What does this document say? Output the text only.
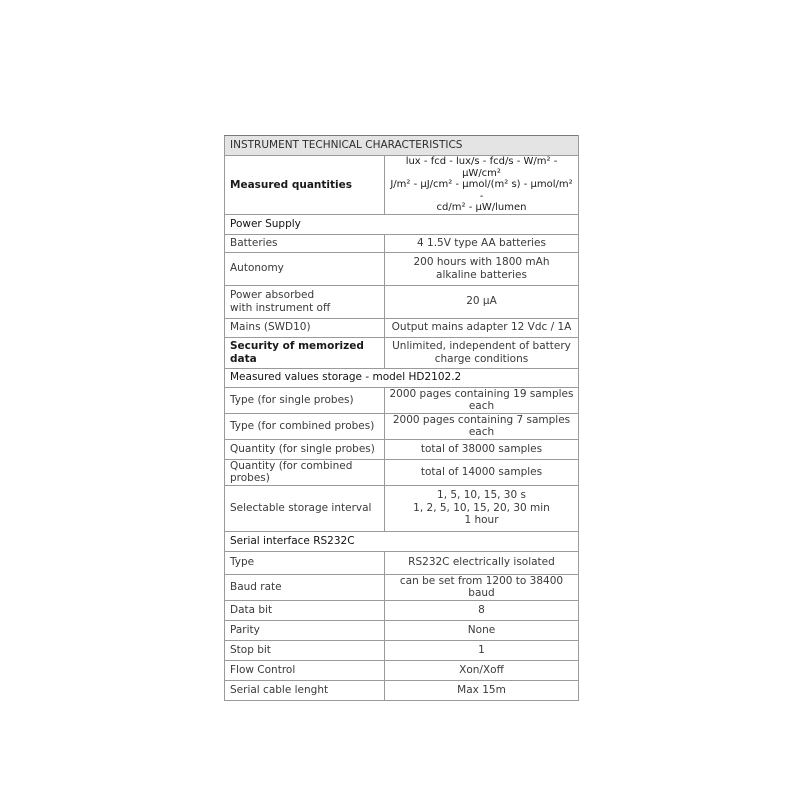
INSTRUMENT TECHNICAL CHARACTERISTICS	
Measured quantities	lux - fcd - lux/s - fcd/s - W/m² - µW/cm²
J/m² - µJ/cm² - µmol/(m² s) - µmol/m² -
cd/m² - µW/lumen
Power Supply	
Batteries	4 1.5V type AA batteries
Autonomy	200 hours with 1800 mAh
alkaline batteries
Power absorbed
with instrument off	20 µA
Mains (SWD10)	Output mains adapter 12 Vdc / 1A
Security of memorized data	Unlimited, independent of battery
charge conditions
Measured values storage - model HD2102.2	
Type (for single probes)	2000 pages containing 19 samples each
Type (for combined probes)	2000 pages containing 7 samples each
Quantity (for single probes)	total of 38000 samples
Quantity (for combined probes)	total of 14000 samples
Selectable storage interval	1, 5, 10, 15, 30 s
1, 2, 5, 10, 15, 20, 30 min
1 hour
Serial interface RS232C	
Type	RS232C electrically isolated
Baud rate	can be set from 1200 to 38400 baud
Data bit	8
Parity	None
Stop bit	1
Flow Control	Xon/Xoff
Serial cable lenght	Max 15m
